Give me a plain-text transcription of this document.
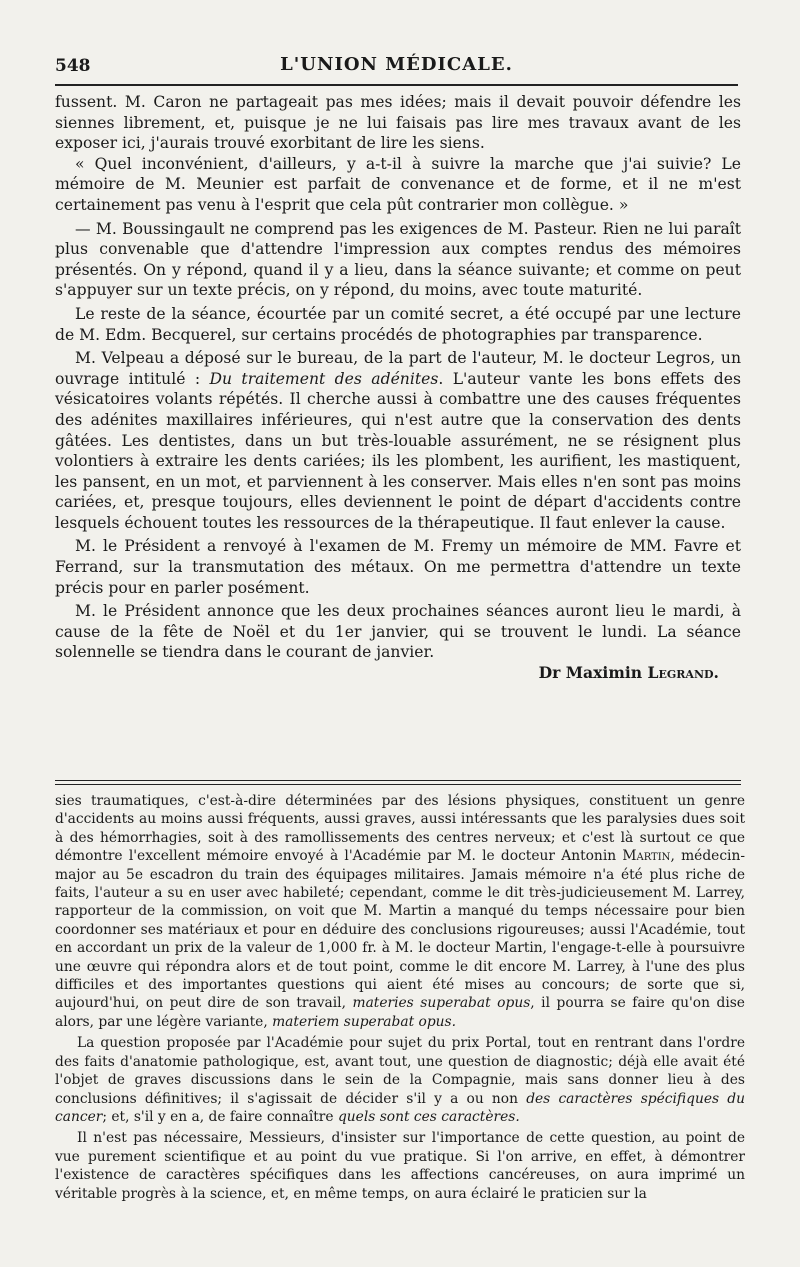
548	L'UNION MÉDICALE.

fussent. M. Caron ne partageait pas mes idées; mais il devait pouvoir défendre les siennes librement, et, puisque je ne lui faisais pas lire mes travaux avant de les exposer ici, j'aurais trouvé exorbitant de lire les siens.

« Quel inconvénient, d'ailleurs, y a-t-il à suivre la marche que j'ai suivie? Le mémoire de M. Meunier est parfait de convenance et de forme, et il ne m'est certainement pas venu à l'esprit que cela pût contrarier mon collègue. »

— M. Boussingault ne comprend pas les exigences de M. Pasteur. Rien ne lui paraît plus convenable que d'attendre l'impression aux comptes rendus des mémoires présentés. On y répond, quand il y a lieu, dans la séance suivante; et comme on peut s'appuyer sur un texte précis, on y répond, du moins, avec toute maturité.

Le reste de la séance, écourtée par un comité secret, a été occupé par une lecture de M. Edm. Becquerel, sur certains procédés de photographies par transparence.

M. Velpeau a déposé sur le bureau, de la part de l'auteur, M. le docteur Legros, un ouvrage intitulé : Du traitement des adénites. L'auteur vante les bons effets des vésicatoires volants répétés. Il cherche aussi à combattre une des causes fréquentes des adénites maxillaires inférieures, qui n'est autre que la conservation des dents gâtées. Les dentistes, dans un but très-louable assurément, ne se résignent plus volontiers à extraire les dents cariées; ils les plombent, les aurifient, les mastiquent, les pansent, en un mot, et parviennent à les conserver. Mais elles n'en sont pas moins cariées, et, presque toujours, elles deviennent le point de départ d'accidents contre lesquels échouent toutes les ressources de la thérapeutique. Il faut enlever la cause.

M. le Président a renvoyé à l'examen de M. Fremy un mémoire de MM. Favre et Ferrand, sur la transmutation des métaux. On me permettra d'attendre un texte précis pour en parler posément.

M. le Président annonce que les deux prochaines séances auront lieu le mardi, à cause de la fête de Noël et du 1er janvier, qui se trouvent le lundi. La séance solennelle se tiendra dans le courant de janvier.

Dr Maximin Legrand.

sies traumatiques, c'est-à-dire déterminées par des lésions physiques, constituent un genre d'accidents au moins aussi fréquents, aussi graves, aussi intéressants que les paralysies dues soit à des hémorrhagies, soit à des ramollissements des centres nerveux; et c'est là surtout ce que démontre l'excellent mémoire envoyé à l'Académie par M. le docteur Antonin Martin, médecin-major au 5e escadron du train des équipages militaires. Jamais mémoire n'a été plus riche de faits, l'auteur a su en user avec habileté; cependant, comme le dit très-judicieusement M. Larrey, rapporteur de la commission, on voit que M. Martin a manqué du temps nécessaire pour bien coordonner ses matériaux et pour en déduire des conclusions rigoureuses; aussi l'Académie, tout en accordant un prix de la valeur de 1,000 fr. à M. le docteur Martin, l'engage-t-elle à poursuivre une œuvre qui répondra alors et de tout point, comme le dit encore M. Larrey, à l'une des plus difficiles et des importantes questions qui aient été mises au concours; de sorte que si, aujourd'hui, on peut dire de son travail, materies superabat opus, il pourra se faire qu'on dise alors, par une légère variante, materiem superabat opus.

La question proposée par l'Académie pour sujet du prix Portal, tout en rentrant dans l'ordre des faits d'anatomie pathologique, est, avant tout, une question de diagnostic; déjà elle avait été l'objet de graves discussions dans le sein de la Compagnie, mais sans donner lieu à des conclusions définitives; il s'agissait de décider s'il y a ou non des caractères spécifiques du cancer; et, s'il y en a, de faire connaître quels sont ces caractères.

Il n'est pas nécessaire, Messieurs, d'insister sur l'importance de cette question, au point de vue purement scientifique et au point du vue pratique. Si l'on arrive, en effet, à démontrer l'existence de caractères spécifiques dans les affections cancéreuses, on aura imprimé un véritable progrès à la science, et, en même temps, on aura éclairé le praticien sur la
